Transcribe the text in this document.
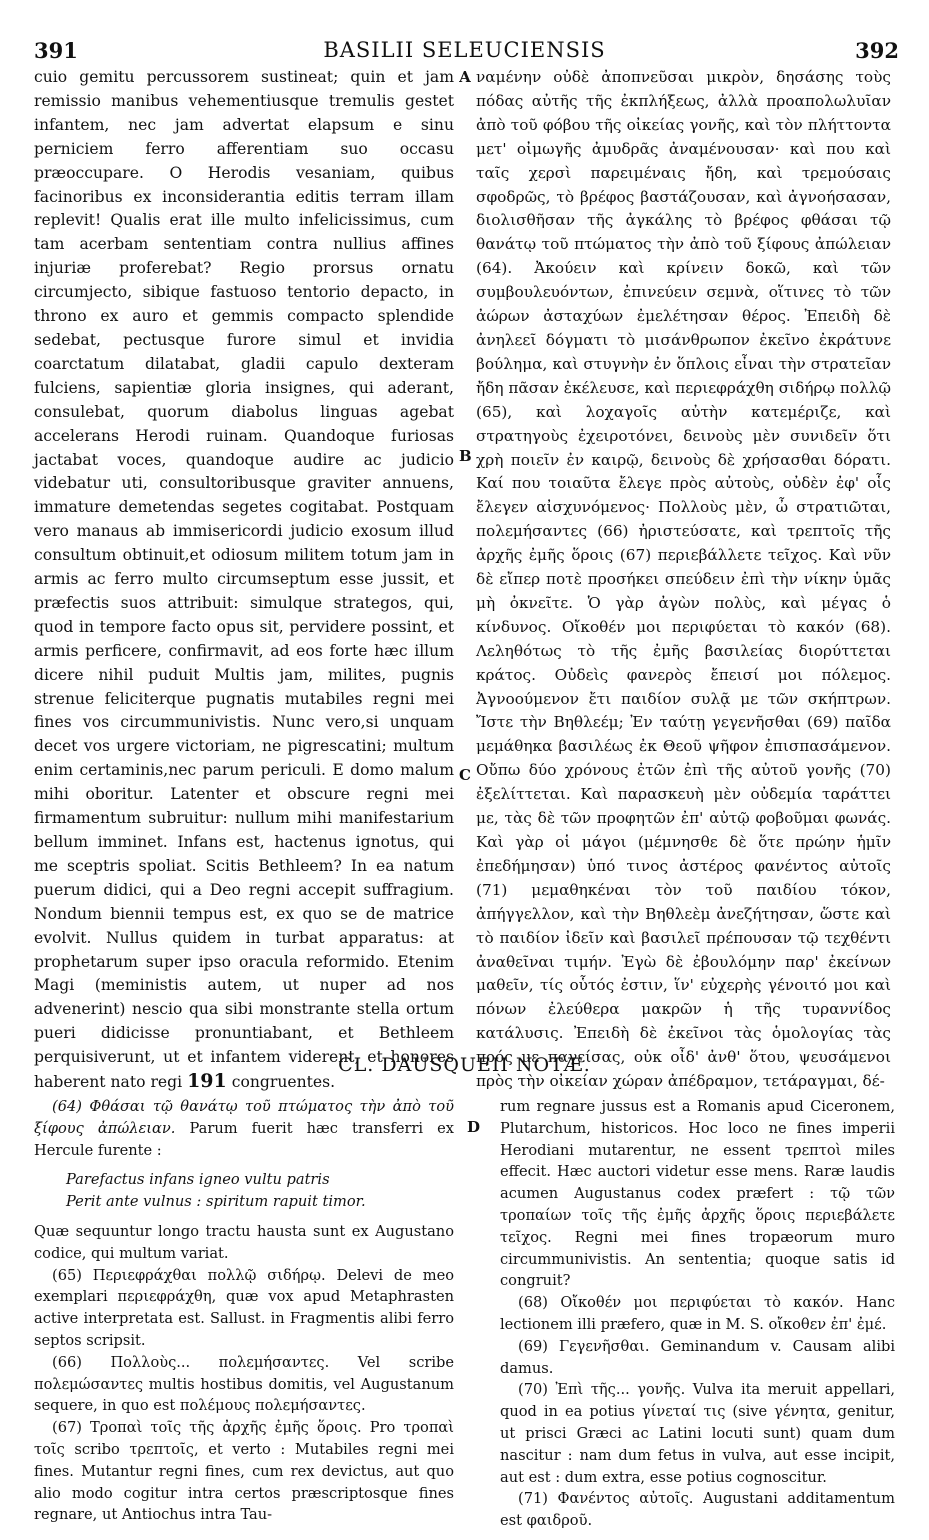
391	BASILII SELEUCIENSIS	392

cuio gemitu percussorem sustineat; quin et jam remissio manibus vehementiusque tremulis gestet infantem, nec jam advertat elapsum e sinu perniciem ferro afferentiam suo occasu præoccupare. O Herodis vesaniam, quibus facinoribus ex inconsiderantia editis terram illam replevit! Qualis erat ille multo infelicissimus, cum tam acerbam sententiam contra nullius affines injuriæ proferebat? Regio prorsus ornatu circumjecto, sibique fastuoso tentorio depacto, in throno ex auro et gemmis compacto splendide sedebat, pectusque furore simul et invidia coarctatum dilatabat, gladii capulo dexteram fulciens, sapientiæ gloria insignes, qui aderant, consulebat, quorum diabolus linguas agebat accelerans Herodi ruinam. Quandoque furiosas jactabat voces, quandoque audire ac judicio videbatur uti, consultoribusque graviter annuens, immature demetendas segetes cogitabat. Postquam vero manaus ab immisericordi judicio exosum illud consultum obtinuit,et odiosum militem totum jam in armis ac ferro multo circumseptum esse jussit, et præfectis suos attribuit: simulque strategos, qui, quod in tempore facto opus sit, pervidere possint, et armis perficere, confirmavit, ad eos forte hæc illum dicere nihil puduit Multis jam, milites, pugnis strenue feliciterque pugnatis mutabiles regni mei fines vos circummunivistis. Nunc vero,si unquam decet vos urgere victoriam, ne pigrescatini; multum enim certaminis,nec parum periculi. E domo malum mihi oboritur. Latenter et obscure regni mei firmamentum subruitur: nullum mihi manifestarium bellum imminet. Infans est, hactenus ignotus, qui me sceptris spoliat. Scitis Bethleem? In ea natum puerum didici, qui a Deo regni accepit suffragium. Nondum biennii tempus est, ex quo se de matrice evolvit. Nullus quidem in turbat apparatus: at prophetarum super ipso oracula reformido. Etenim Magi (meministis autem, ut nuper ad nos advenerint) nescio qua sibi monstrante stella ortum pueri didicisse pronuntiabant, et Bethleem perquisiverunt, ut et infantem viderent, et honores haberent nato regi 191 congruentes.

A
B
C
D

ναμένην οὐδὲ ἀποπνεῦσαι μικρὸν, δησάσης τοὺς πόδας αὐτῆς τῆς ἐκπλήξεως, ἀλλὰ προαπολωλυῖαν ἀπὸ τοῦ φόβου τῆς οἰκείας γονῆς, καὶ τὸν πλήττοντα μετ' οἰμωγῆς ἀμυδρᾶς ἀναμένουσαν· καὶ που καὶ ταῖς χερσὶ παρειμέναις ἤδη, καὶ τρεμούσαις σφοδρῶς, τὸ βρέφος βαστάζουσαν, καὶ ἀγνοήσασαν, διολισθῆσαν τῆς ἀγκάλης τὸ βρέφος φθάσαι τῷ θανάτῳ τοῦ πτώματος τὴν ἀπὸ τοῦ ξίφους ἀπώλειαν (64). Ἀκούειν καὶ κρίνειν δοκῶ, καὶ τῶν συμβουλευόντων, ἐπινεύειν σεμνὰ, οἵτινες τὸ τῶν ἀώρων ἀσταχύων ἐμελέτησαν θέρος. Ἐπειδὴ δὲ ἀνηλεεῖ δόγματι τὸ μισάνθρωπον ἐκεῖνο ἐκράτυνε βούλημα, καὶ στυγνὴν ἐν ὅπλοις εἶναι τὴν στρατεῖαν ἤδη πᾶσαν ἐκέλευσε, καὶ περιεφράχθη σιδήρῳ πολλῷ (65), καὶ λοχαγοῖς αὐτὴν κατεμέριζε, καὶ στρατηγοὺς ἐχειροτόνει, δεινοὺς μὲν συνιδεῖν ὅτι χρὴ ποιεῖν ἐν καιρῷ, δεινοὺς δὲ χρήσασθαι δόρατι. Καί που τοιαῦτα ἔλεγε πρὸς αὐτοὺς, οὐδὲν ἐφ' οἷς ἔλεγεν αἰσχυνόμενος· Πολλοὺς μὲν, ὦ στρατιῶται, πολεμήσαντες (66) ἠριστεύσατε, καὶ τρεπτοῖς τῆς ἀρχῆς ἐμῆς ὅροις (67) περιεβάλλετε τεῖχος. Καὶ νῦν δὲ εἴπερ ποτὲ προσήκει σπεύδειν ἐπὶ τὴν νίκην ὑμᾶς μὴ ὀκνεῖτε. Ὁ γὰρ ἀγὼν πολὺς, καὶ μέγας ὁ κίνδυνος. Οἴκοθέν μοι περιφύεται τὸ κακόν (68). Λεληθότως τὸ τῆς ἐμῆς βασιλείας διορύττεται κράτος. Οὐδεὶς φανερὸς ἔπεισί μοι πόλεμος. Ἀγνοούμενον ἔτι παιδίον συλᾷ με τῶν σκήπτρων. Ἴστε τὴν Βηθλεέμ; Ἐν ταύτῃ γεγενῆσθαι (69) παῖδα μεμάθηκα βασιλέως ἐκ Θεοῦ ψῆφον ἐπισπασάμενον. Οὔπω δύο χρόνους ἐτῶν ἐπὶ τῆς αὐτοῦ γονῆς (70) ἐξελίττεται. Καὶ παρασκευὴ μὲν οὐδεμία ταράττει με, τὰς δὲ τῶν προφητῶν ἐπ' αὐτῷ φοβοῦμαι φωνάς. Καὶ γὰρ οἱ μάγοι (μέμνησθε δὲ ὅτε πρώην ἡμῖν ἐπεδήμησαν) ὑπό τινος ἀστέρος φανέντος αὐτοῖς (71) μεμαθηκέναι τὸν τοῦ παιδίου τόκον, ἀπήγγελλον, καὶ τὴν Βηθλεὲμ ἀνεζήτησαν, ὥστε καὶ τὸ παιδίον ἰδεῖν καὶ βασιλεῖ πρέπουσαν τῷ τεχθέντι ἀναθεῖναι τιμήν. Ἐγὼ δὲ ἐβουλόμην παρ' ἐκείνων μαθεῖν, τίς οὗτός ἐστιν, ἵν' εὐχερὴς γένοιτό μοι καὶ πόνων ἐλεύθερα μακρῶν ἡ τῆς τυραννίδος κατάλυσις. Ἐπειδὴ δὲ ἐκεῖνοι τὰς ὁμολογίας τὰς πρός με παγείσας, οὐκ οἶδ' ἀνθ' ὅτου, ψευσάμενοι πρὸς τὴν οἰκείαν χώραν ἀπέδραμον, τετάραγμαι, δέ-

CL. DAUSQUEII NOTÆ.

(64) Φθάσαι τῷ θανάτῳ τοῦ πτώματος τὴν ἀπὸ τοῦ ξίφους ἀπώλειαν. Parum fuerit hæc transferri ex Hercule furente :

Parefactus infans igneo vultu patris
Perit ante vulnus : spiritum rapuit timor.

Quæ sequuntur longo tractu hausta sunt ex Augustano codice, qui multum variat.

(65) Περιεφράχθαι πολλῷ σιδήρῳ. Delevi de meo exemplari περιεφράχθη, quæ vox apud Metaphrasten active interpretata est. Sallust. in Fragmentis alibi ferro septos scripsit.

(66) Πολλοὺς... πολεμήσαντες. Vel scribe πολεμώσαντες multis hostibus domitis, vel Augustanum sequere, in quo est πολέμους πολεμήσαντες.

(67) Τροπαὶ τοῖς τῆς ἀρχῆς ἐμῆς ὅροις. Pro τροπαὶ τοῖς scribo τρεπτοῖς, et verto : Mutabiles regni mei fines. Mutantur regni fines, cum rex devictus, aut quo alio modo cogitur intra certos præscriptosque fines regnare, ut Antiochus intra Tau-

rum regnare jussus est a Romanis apud Ciceronem, Plutarchum, historicos. Hoc loco ne fines imperii Herodiani mutarentur, ne essent τρεπτοὶ miles effecit. Hæc auctori videtur esse mens. Raræ laudis acumen Augustanus codex præfert : τῷ τῶν τροπαίων τοῖς τῆς ἐμῆς ἀρχῆς ὅροις περιεβάλετε τεῖχος. Regni mei fines tropæorum muro circummunivistis. An sententia; quoque satis id congruit?

(68) Οἴκοθέν μοι περιφύεται τὸ κακόν. Hanc lectionem illi præfero, quæ in M. S. οἴκοθεν ἐπ' ἐμέ.

(69) Γεγενῆσθαι. Geminandum v. Causam alibi damus.

(70) Ἐπὶ τῆς... γονῆς. Vulva ita meruit appellari, quod in ea potius γίνεταί τις (sive γένητα, genitur, ut prisci Græci ac Latini locuti sunt) quam dum nascitur : nam dum fetus in vulva, aut esse incipit, aut est : dum extra, esse potius cognoscitur.

(71) Φανέντος αὐτοῖς. Augustani additamentum est φαιδροῦ.
